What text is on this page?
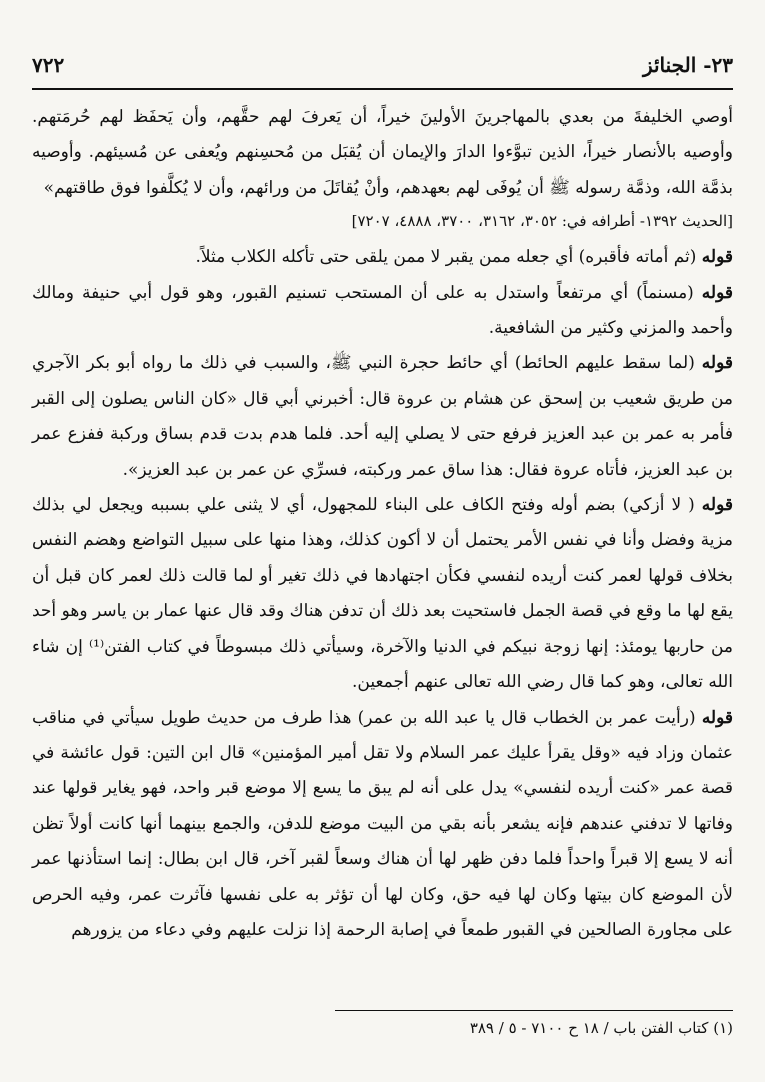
٧٢٢	٢٣- الجنائز

أوصي الخليفةَ من بعدي بالمهاجرينَ الأولينَ خيراً، أن يَعرفَ لهم حقَّهم، وأن يَحفَظ لهم حُرمَتهم. وأوصيه بالأنصار خيراً، الذين تبوَّءوا الدارَ والإيمان أن يُقبَل من مُحسِنهم ويُعفى عن مُسيئهم. وأوصيه بذمَّة الله، وذمَّة رسوله ﷺ أن يُوفَى لهم بعهدهم، وأنْ يُقاتَلَ من ورائهم، وأن لا يُكلَّفوا فوق طاقتهم»

[الحديث ١٣٩٢- أطرافه في: ٣٠٥٢، ٣١٦٢، ٣٧٠٠، ٤٨٨٨، ٧٢٠٧]

قوله (ثم أماته فأقبره) أي جعله ممن يقبر لا ممن يلقى حتى تأكله الكلاب مثلاً.

قوله (مسنماً) أي مرتفعاً واستدل به على أن المستحب تسنيم القبور، وهو قول أبي حنيفة ومالك وأحمد والمزني وكثير من الشافعية.

قوله (لما سقط عليهم الحائط) أي حائط حجرة النبي ﷺ، والسبب في ذلك ما رواه أبو بكر الآجري من طريق شعيب بن إسحق عن هشام بن عروة قال: أخبرني أبي قال «كان الناس يصلون إلى القبر فأمر به عمر بن عبد العزيز فرفع حتى لا يصلي إليه أحد. فلما هدم بدت قدم بساق وركبة ففزع عمر بن عبد العزيز، فأتاه عروة فقال: هذا ساق عمر وركبته، فسرِّي عن عمر بن عبد العزيز».

قوله ( لا أزكي) بضم أوله وفتح الكاف على البناء للمجهول، أي لا يثنى علي بسببه ويجعل لي بذلك مزية وفضل وأنا في نفس الأمر يحتمل أن لا أكون كذلك، وهذا منها على سبيل التواضع وهضم النفس بخلاف قولها لعمر كنت أريده لنفسي فكأن اجتهادها في ذلك تغير أو لما قالت ذلك لعمر كان قبل أن يقع لها ما وقع في قصة الجمل فاستحيت بعد ذلك أن تدفن هناك وقد قال عنها عمار بن ياسر وهو أحد من حاربها يومئذ: إنها زوجة نبيكم في الدنيا والآخرة، وسيأتي ذلك مبسوطاً في كتاب الفتن⁽¹⁾ إن شاء الله تعالى، وهو كما قال رضي الله تعالى عنهم أجمعين.

قوله (رأيت عمر بن الخطاب قال يا عبد الله بن عمر) هذا طرف من حديث طويل سيأتي في مناقب عثمان وزاد فيه «وقل يقرأ عليك عمر السلام ولا تقل أمير المؤمنين» قال ابن التين: قول عائشة في قصة عمر «كنت أريده لنفسي» يدل على أنه لم يبق ما يسع إلا موضع قبر واحد، فهو يغاير قولها عند وفاتها لا تدفني عندهم فإنه يشعر بأنه بقي من البيت موضع للدفن، والجمع بينهما أنها كانت أولاً تظن أنه لا يسع إلا قبراً واحداً فلما دفن ظهر لها أن هناك وسعاً لقبر آخر، قال ابن بطال: إنما استأذنها عمر لأن الموضع كان بيتها وكان لها فيه حق، وكان لها أن تؤثر به على نفسها فآثرت عمر، وفيه الحرص على مجاورة الصالحين في القبور طمعاً في إصابة الرحمة إذا نزلت عليهم وفي دعاء من يزورهم

(١) كتاب الفتن باب / ١٨ ح ٧١٠٠ - ٥ / ٣٨٩
